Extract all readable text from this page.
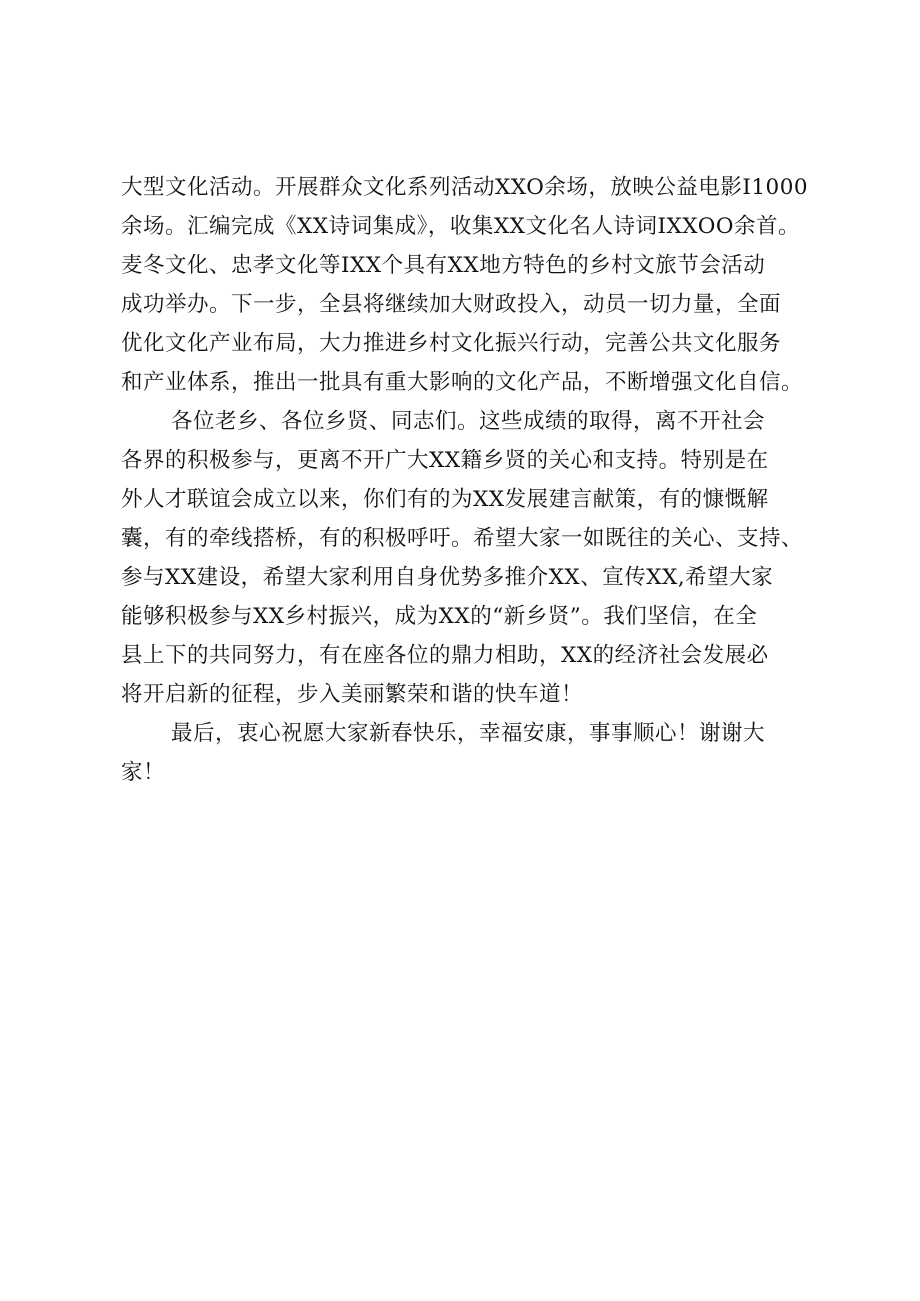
大型文化活动。开展群众文化系列活动XXO余场，放映公益电影I1000
余场。汇编完成《XX诗词集成》，收集XX文化名人诗词IXXOO余首。
麦冬文化、忠孝文化等IXX个具有XX地方特色的乡村文旅节会活动
成功举办。下一步，全县将继续加大财政投入，动员一切力量，全面
优化文化产业布局，大力推进乡村文化振兴行动，完善公共文化服务
和产业体系，推出一批具有重大影响的文化产品，不断增强文化自信。
各位老乡、各位乡贤、同志们。这些成绩的取得，离不开社会
各界的积极参与，更离不开广大XX籍乡贤的关心和支持。特别是在
外人才联谊会成立以来，你们有的为XX发展建言献策，有的慷慨解
囊，有的牵线搭桥，有的积极呼吁。希望大家一如既往的关心、支持、
参与XX建设，希望大家利用自身优势多推介XX、宣传XX,希望大家
能够积极参与XX乡村振兴，成为XX的“新乡贤”。我们坚信，在全
县上下的共同努力，有在座各位的鼎力相助，XX的经济社会发展必
将开启新的征程，步入美丽繁荣和谐的快车道！
最后，衷心祝愿大家新春快乐，幸福安康，事事顺心！谢谢大
家！
